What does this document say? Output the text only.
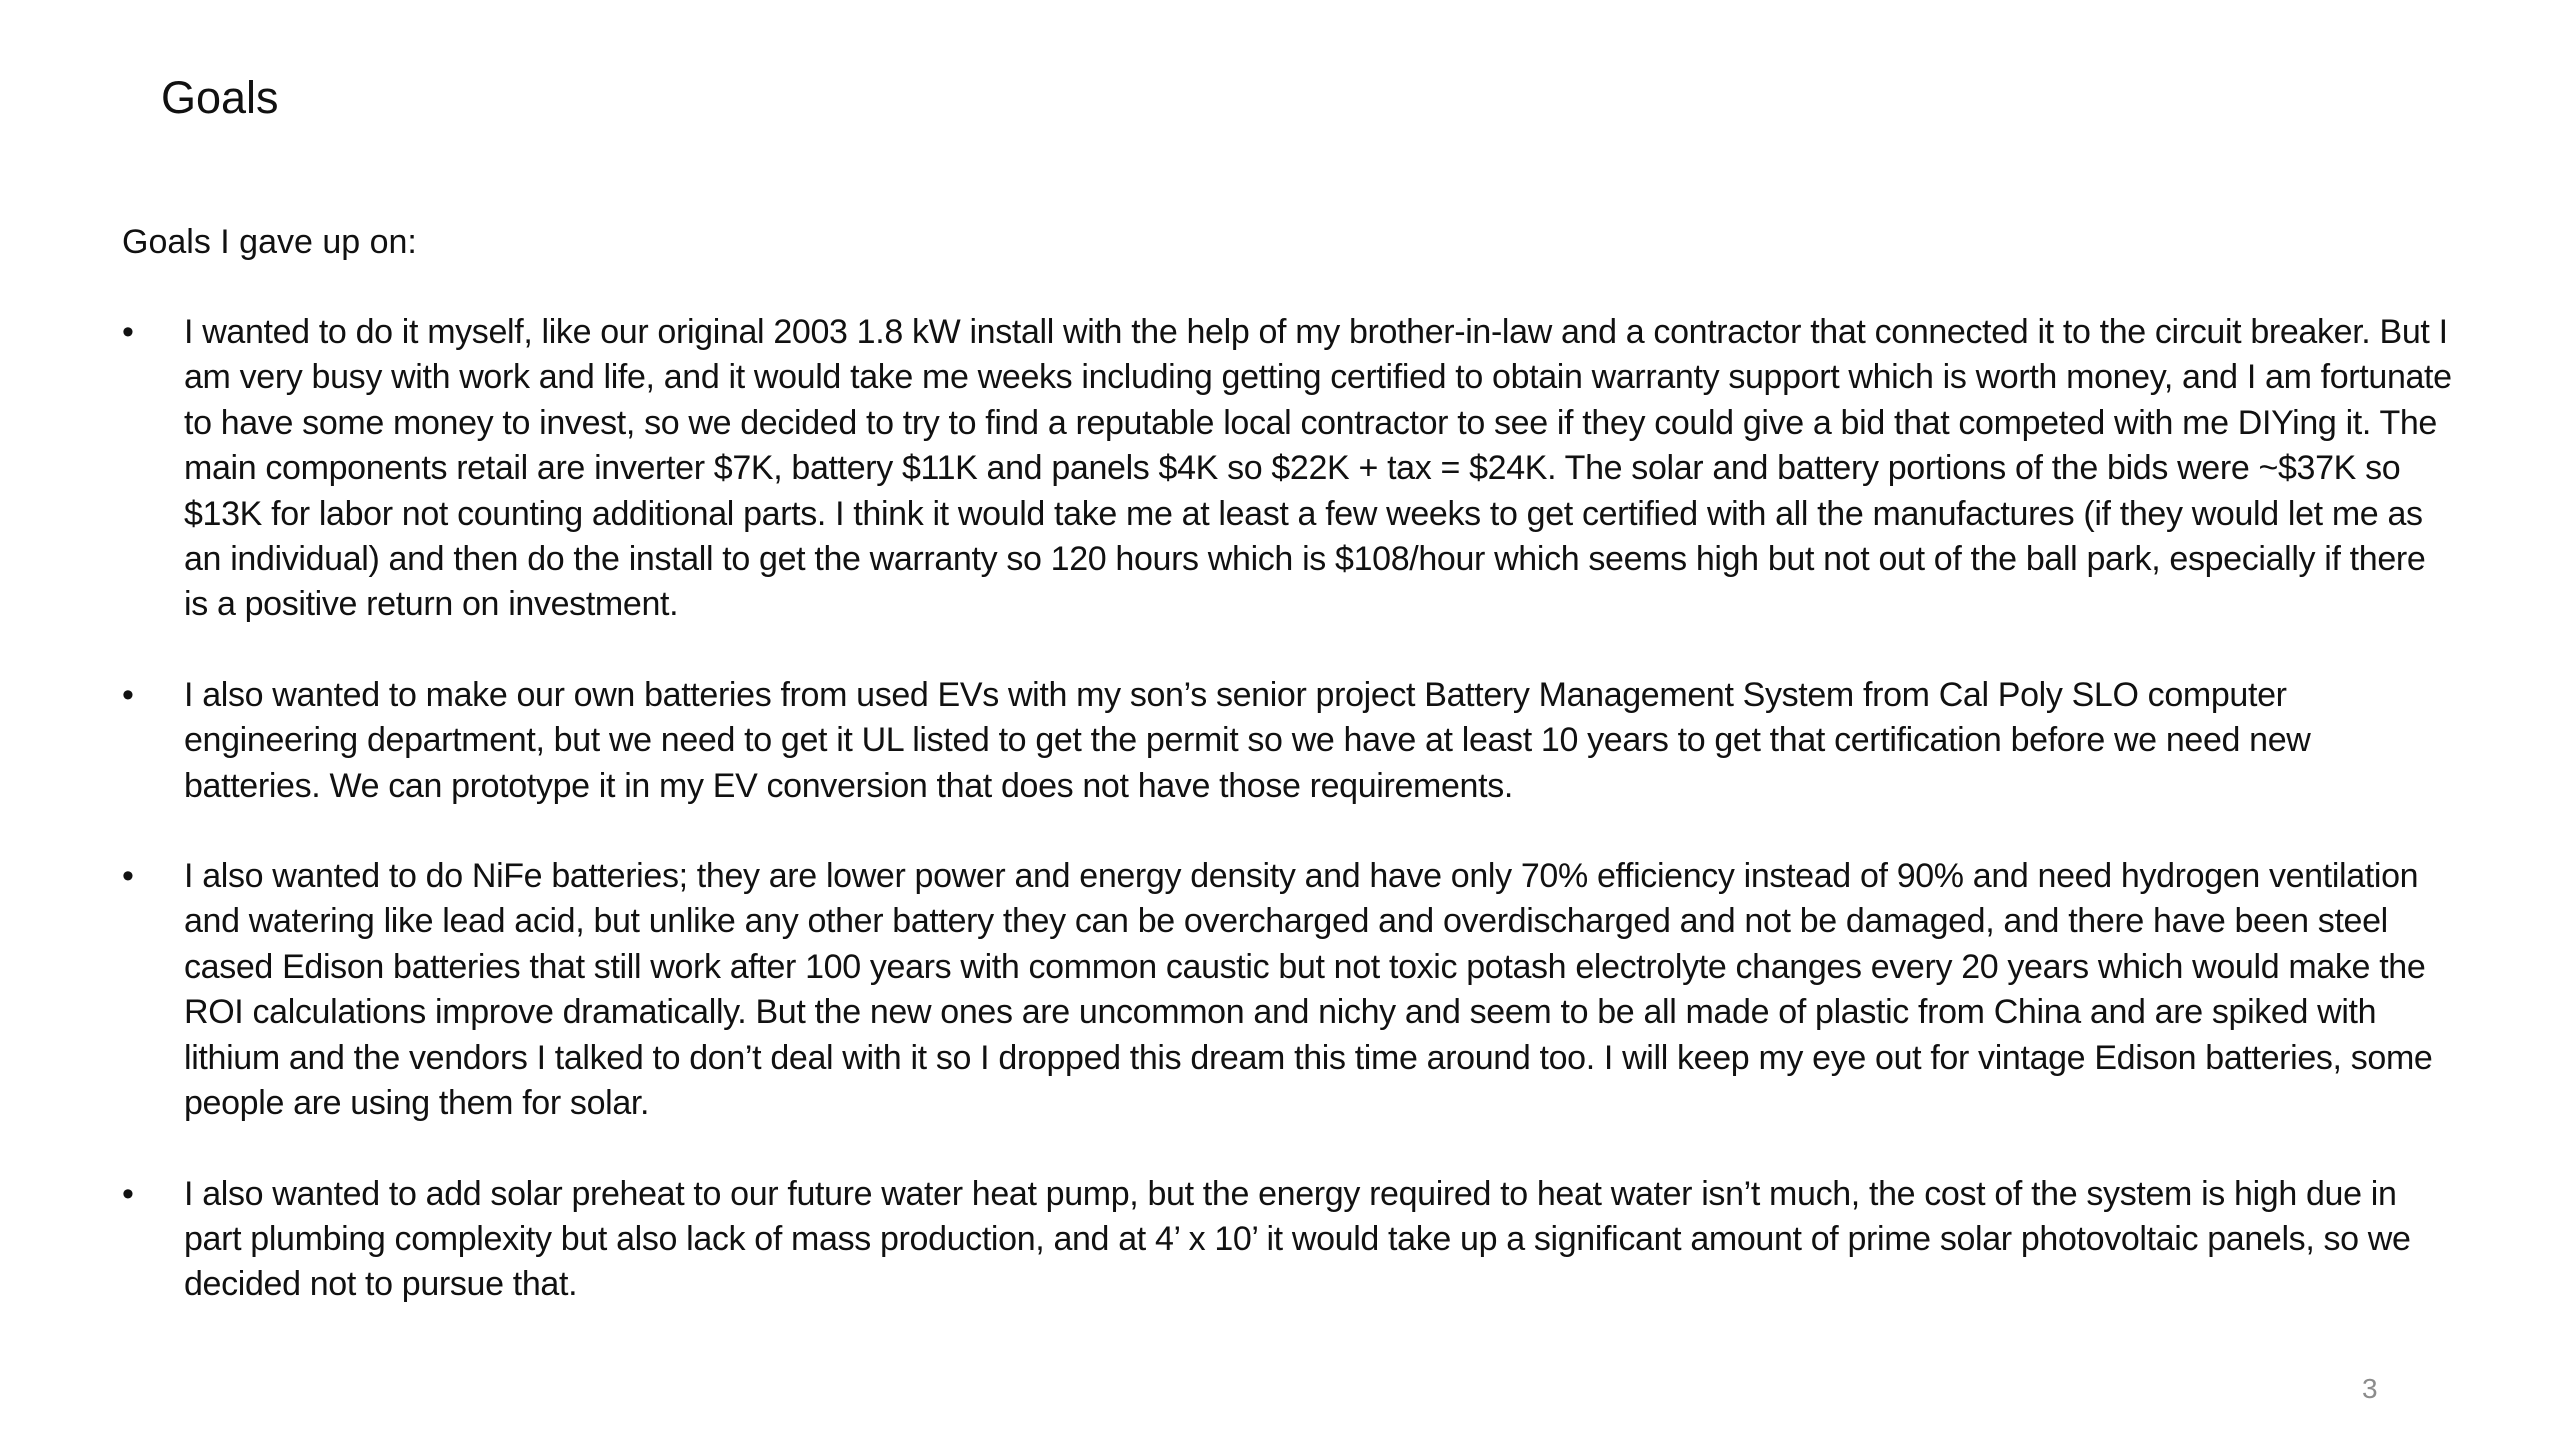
Goals

Goals I gave up on:

•	I wanted to do it myself, like our original 2003 1.8 kW install with the help of my brother-in-law and a contractor that connected it to the circuit breaker. But I am very busy with work and life, and it would take me weeks including getting certified to obtain warranty support which is worth money, and I am fortunate to have some money to invest, so we decided to try to find a reputable local contractor to see if they could give a bid that competed with me DIYing it. The main components retail are inverter $7K, battery $11K and panels $4K so $22K + tax = $24K. The solar and battery portions of the bids were ~$37K so $13K for labor not counting additional parts. I think it would take me at least a few weeks to get certified with all the manufactures (if they would let me as an individual) and then do the install to get the warranty so 120 hours which is $108/hour which seems high but not out of the ball park, especially if there is a positive return on investment.
•	I also wanted to make our own batteries from used EVs with my son’s senior project Battery Management System from Cal Poly SLO computer engineering department, but we need to get it UL listed to get the permit so we have at least 10 years to get that certification before we need new batteries. We can prototype it in my EV conversion that does not have those requirements.
•	I also wanted to do NiFe batteries; they are lower power and energy density and have only 70% efficiency instead of 90% and need hydrogen ventilation and watering like lead acid, but unlike any other battery they can be overcharged and overdischarged and not be damaged, and there have been steel cased Edison batteries that still work after 100 years with common caustic but not toxic potash electrolyte changes every 20 years which would make the ROI calculations improve dramatically. But the new ones are uncommon and nichy and seem to be all made of plastic from China and are spiked with lithium and the vendors I talked to don’t deal with it so I dropped this dream this time around too. I will keep my eye out for vintage Edison batteries, some people are using them for solar.
•	I also wanted to add solar preheat to our future water heat pump, but the energy required to heat water isn’t much, the cost of the system is high due in part plumbing complexity but also lack of mass production, and at 4’ x 10’ it would take up a significant amount of prime solar photovoltaic panels, so we decided not to pursue that.
3
